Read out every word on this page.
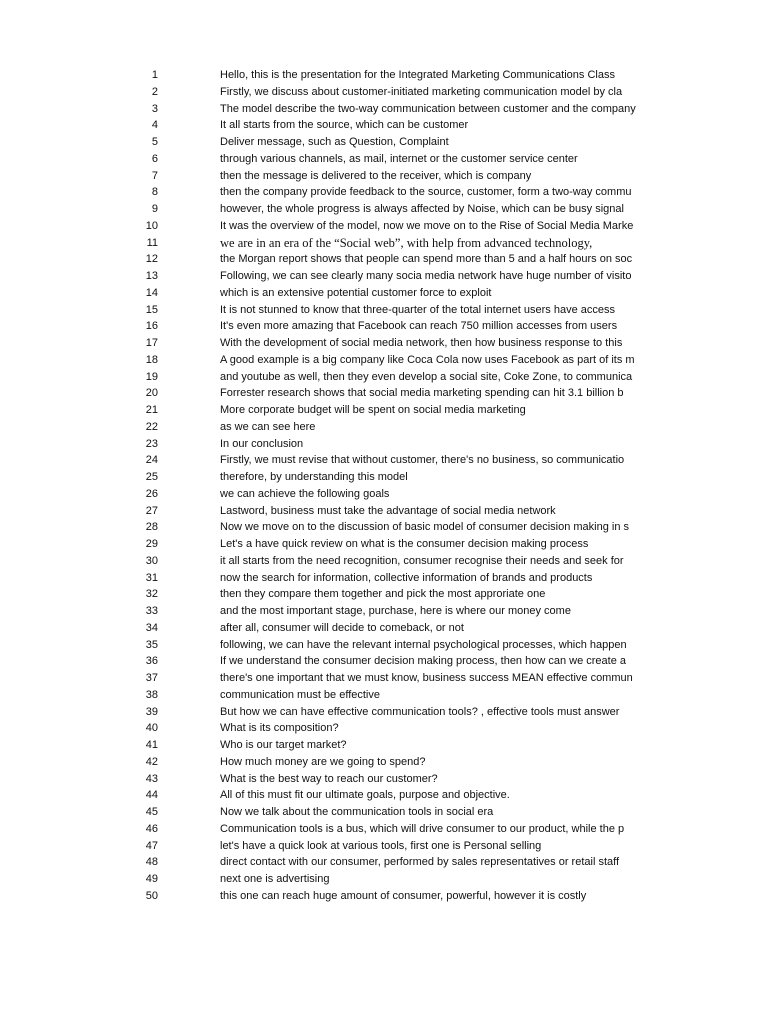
1	Hello, this is the presentation for the Integrated Marketing Communications Class
2	Firstly, we discuss about customer-initiated marketing communication model by cla
3	The model describe the two-way communication between customer and the company
4	It all starts from the source, which can be customer
5	Deliver message, such as Question, Complaint
6	through various channels, as mail, internet or the customer service center
7	then the message is delivered to the receiver, which is company
8	then the company provide feedback to the source, customer, form a two-way commu
9	however, the whole progress is always affected by Noise, which can be busy signal
10	It was the overview of the model, now we move on to the Rise of Social Media Marke
11	we are in an era of the “Social web”, with help from advanced technology,
12	the Morgan report shows that people can spend more than 5 and a half hours on soc
13	Following, we can see clearly many socia media network have huge number of visito
14	which is an extensive potential customer force to exploit
15	It is not stunned to know that three-quarter of the total internet users have access
16	It's even more amazing that Facebook can reach 750 million accesses from users
17	With the development of social media network, then how business response to this
18	A good example is a big company like Coca Cola now uses Facebook as part of its m
19	and youtube as well, then they even develop a social site, Coke Zone, to communica
20	Forrester research shows that social media marketing spending can hit 3.1 billion b
21	More corporate budget will be spent on social media marketing
22	as we can see here
23	In our conclusion
24	Firstly, we must revise that without customer, there's no business, so communicatio
25	therefore, by understanding this model
26	we can achieve the following goals
27	Lastword, business must take the advantage of social media network
28	Now we move on to the discussion of basic model of consumer decision making in s
29	Let's a have quick review on what is the consumer decision making process
30	it all starts from the need recognition, consumer recognise their needs and seek for
31	now the search for information, collective information of brands and products
32	then they compare them together and pick the most approriate one
33	and the most important stage, purchase, here is where our money come
34	after all, consumer will decide to comeback, or not
35	following, we can have the relevant internal psychological processes, which happen
36	If we understand the consumer decision making process, then how can we create a
37	there's one important that we must know, business success MEAN effective commun
38	communication must be effective
39	But how we can have effective communication tools? , effective tools must answer
40	What is its composition?
41	Who is our target market?
42	How much money are we going to spend?
43	What is the best way to reach our customer?
44	All of this must fit our ultimate goals, purpose and objective.
45	Now we talk about the communication tools in social era
46	Communication tools is a bus, which will drive consumer to our product, while the p
47	let's have a quick look at various tools, first one is Personal selling
48	direct contact with our consumer, performed by sales representatives or retail staff
49	next one is advertising
50	this one can reach huge amount of consumer, powerful, however it is costly
